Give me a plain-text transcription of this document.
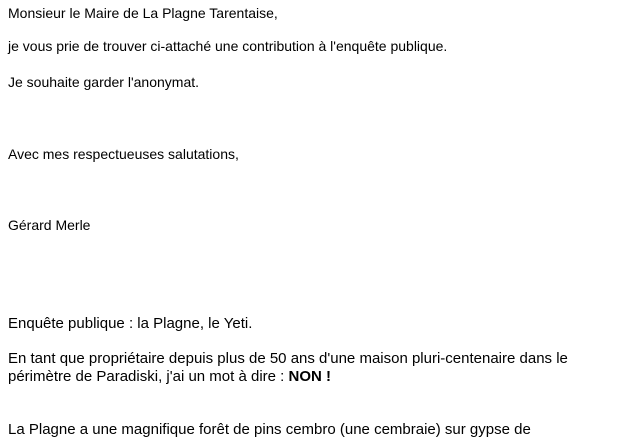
Monsieur le Maire de La Plagne Tarentaise,
je vous prie de trouver ci-attaché une contribution à l'enquête publique.
Je souhaite garder l'anonymat.
Avec mes respectueuses salutations,
Gérard Merle
Enquête publique : la Plagne, le Yeti.
En tant que propriétaire depuis plus de 50 ans d'une maison pluri-centenaire dans le
périmètre de Paradiski, j'ai un mot à dire : NON !
La Plagne a une magnifique forêt de pins cembro (une cembraie) sur gypse de
